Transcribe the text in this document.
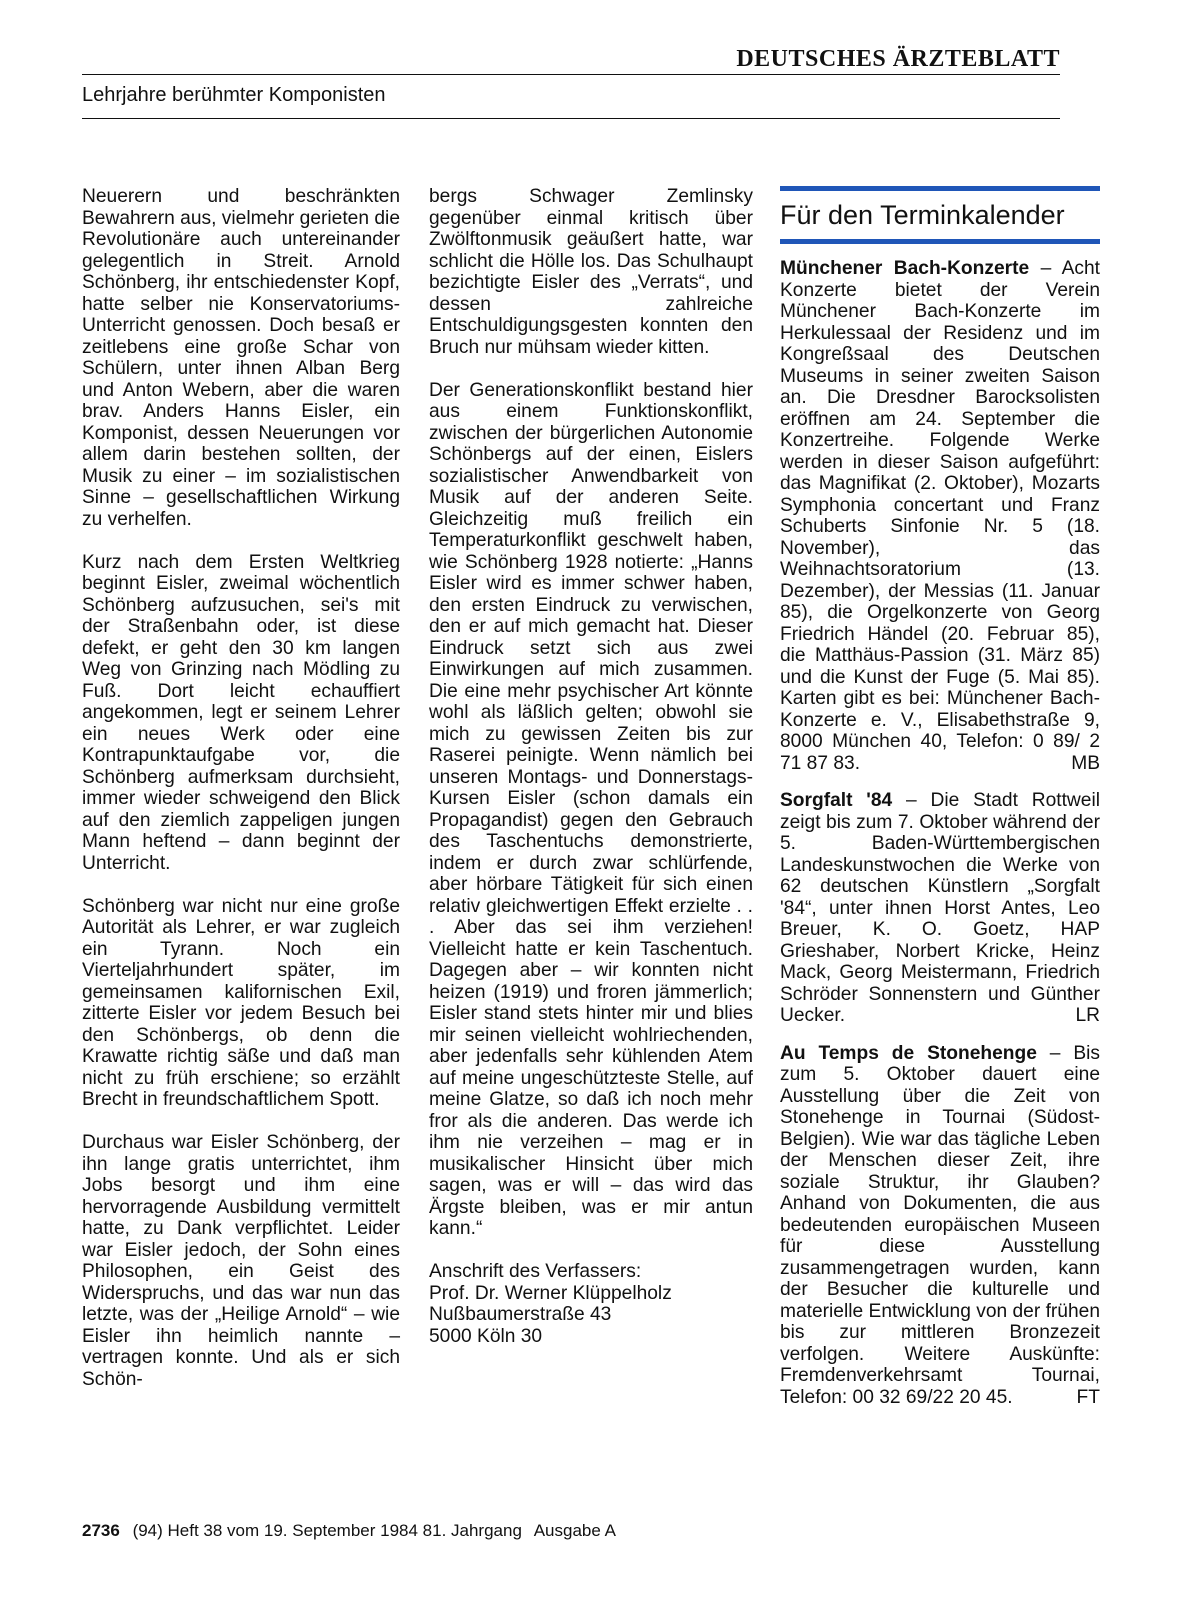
DEUTSCHES ÄRZTEBLATT
Lehrjahre berühmter Komponisten

Neuerern und beschränkten Bewahrern aus, vielmehr gerieten die Revolutionäre auch untereinander gelegentlich in Streit. Arnold Schönberg, ihr entschiedenster Kopf, hatte selber nie Konservatoriums-Unterricht genossen. Doch besaß er zeitlebens eine große Schar von Schülern, unter ihnen Alban Berg und Anton Webern, aber die waren brav. Anders Hanns Eisler, ein Komponist, dessen Neuerungen vor allem darin bestehen sollten, der Musik zu einer – im sozialistischen Sinne – gesellschaftlichen Wirkung zu verhelfen.

Kurz nach dem Ersten Weltkrieg beginnt Eisler, zweimal wöchentlich Schönberg aufzusuchen, sei's mit der Straßenbahn oder, ist diese defekt, er geht den 30 km langen Weg von Grinzing nach Mödling zu Fuß. Dort leicht echauffiert angekommen, legt er seinem Lehrer ein neues Werk oder eine Kontrapunktaufgabe vor, die Schönberg aufmerksam durchsieht, immer wieder schweigend den Blick auf den ziemlich zappeligen jungen Mann heftend – dann beginnt der Unterricht.

Schönberg war nicht nur eine große Autorität als Lehrer, er war zugleich ein Tyrann. Noch ein Vierteljahrhundert später, im gemeinsamen kalifornischen Exil, zitterte Eisler vor jedem Besuch bei den Schönbergs, ob denn die Krawatte richtig säße und daß man nicht zu früh erschiene; so erzählt Brecht in freundschaftlichem Spott.

Durchaus war Eisler Schönberg, der ihn lange gratis unterrichtet, ihm Jobs besorgt und ihm eine hervorragende Ausbildung vermittelt hatte, zu Dank verpflichtet. Leider war Eisler jedoch, der Sohn eines Philosophen, ein Geist des Widerspruchs, und das war nun das letzte, was der „Heilige Arnold“ – wie Eisler ihn heimlich nannte – vertragen konnte. Und als er sich Schön-

bergs Schwager Zemlinsky gegenüber einmal kritisch über Zwölftonmusik geäußert hatte, war schlicht die Hölle los. Das Schulhaupt bezichtigte Eisler des „Verrats“, und dessen zahlreiche Entschuldigungsgesten konnten den Bruch nur mühsam wieder kitten.

Der Generationskonflikt bestand hier aus einem Funktionskonflikt, zwischen der bürgerlichen Autonomie Schönbergs auf der einen, Eislers sozialistischer Anwendbarkeit von Musik auf der anderen Seite. Gleichzeitig muß freilich ein Temperaturkonflikt geschwelt haben, wie Schönberg 1928 notierte: „Hanns Eisler wird es immer schwer haben, den ersten Eindruck zu verwischen, den er auf mich gemacht hat. Dieser Eindruck setzt sich aus zwei Einwirkungen auf mich zusammen. Die eine mehr psychischer Art könnte wohl als läßlich gelten; obwohl sie mich zu gewissen Zeiten bis zur Raserei peinigte. Wenn nämlich bei unseren Montags- und Donnerstags-Kursen Eisler (schon damals ein Propagandist) gegen den Gebrauch des Taschentuchs demonstrierte, indem er durch zwar schlürfende, aber hörbare Tätigkeit für sich einen relativ gleichwertigen Effekt erzielte . . . Aber das sei ihm verziehen! Vielleicht hatte er kein Taschentuch. Dagegen aber – wir konnten nicht heizen (1919) und froren jämmerlich; Eisler stand stets hinter mir und blies mir seinen vielleicht wohlriechenden, aber jedenfalls sehr kühlenden Atem auf meine ungeschützteste Stelle, auf meine Glatze, so daß ich noch mehr fror als die anderen. Das werde ich ihm nie verzeihen – mag er in musikalischer Hinsicht über mich sagen, was er will – das wird das Ärgste bleiben, was er mir antun kann.“

Anschrift des Verfassers:
Prof. Dr. Werner Klüppelholz
Nußbaumerstraße 43
5000 Köln 30
Für den Terminkalender

Münchener Bach-Konzerte – Acht Konzerte bietet der Verein Münchener Bach-Konzerte im Herkulessaal der Residenz und im Kongreßsaal des Deutschen Museums in seiner zweiten Saison an. Die Dresdner Barocksolisten eröffnen am 24. September die Konzertreihe. Folgende Werke werden in dieser Saison aufgeführt: das Magnifikat (2. Oktober), Mozarts Symphonia concertant und Franz Schuberts Sinfonie Nr. 5 (18. November), das Weihnachtsoratorium (13. Dezember), der Messias (11. Januar 85), die Orgelkonzerte von Georg Friedrich Händel (20. Februar 85), die Matthäus-Passion (31. März 85) und die Kunst der Fuge (5. Mai 85). Karten gibt es bei: Münchener Bach-Konzerte e. V., Elisabethstraße 9, 8000 München 40, Telefon: 0 89/ 2 71 87 83.	MB

Sorgfalt '84 – Die Stadt Rottweil zeigt bis zum 7. Oktober während der 5. Baden-Württembergischen Landeskunstwochen die Werke von 62 deutschen Künstlern „Sorgfalt '84“, unter ihnen Horst Antes, Leo Breuer, K. O. Goetz, HAP Grieshaber, Norbert Kricke, Heinz Mack, Georg Meistermann, Friedrich Schröder Sonnenstern und Günther Uecker.	LR

Au Temps de Stonehenge – Bis zum 5. Oktober dauert eine Ausstellung über die Zeit von Stonehenge in Tournai (Südost-Belgien). Wie war das tägliche Leben der Menschen dieser Zeit, ihre soziale Struktur, ihr Glauben? Anhand von Dokumenten, die aus bedeutenden europäischen Museen für diese Ausstellung zusammengetragen wurden, kann der Besucher die kulturelle und materielle Entwicklung von der frühen bis zur mittleren Bronzezeit verfolgen. Weitere Auskünfte: Fremdenverkehrsamt Tournai, Telefon: 00 32 69/22 20 45.	FT

2736 (94) Heft 38 vom 19. September 1984 81. Jahrgang Ausgabe A
